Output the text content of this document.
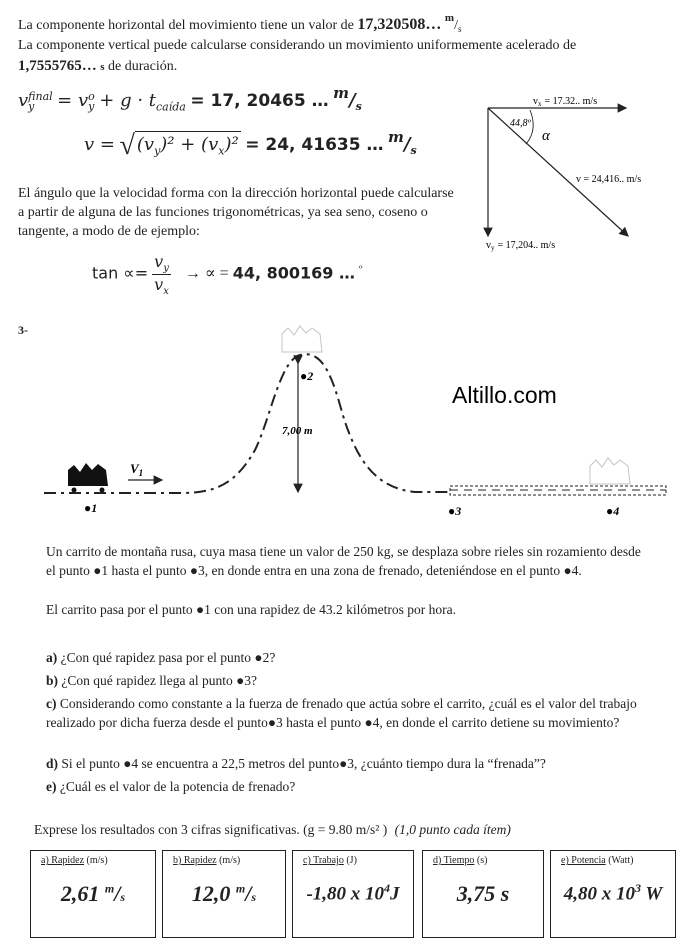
La componente horizontal del movimiento tiene un valor de 17,320508… $^m/_s$
La componente vertical puede calcularse considerando un movimiento uniformemente acelerado de
1,7555765… s de duración.
v final
y	= v o
$y + g \cdot t_{caída} = 17$, 20465 … $^m/_s$
v = √ $(v_y)^2 + (v_x)^2 = 24$, 41635 … $^m/_s$
El ángulo que la velocidad forma con la dirección horizontal puede calcularse a partir de alguna de las funciones trigonométricas, ya sea seno, coseno o tangente, a modo de de ejemplo:
$\tan \propto= \frac{v_y}{v_x}$ → ∝ = 44, 800169 … $^º$
$v_x = 17.32$.. m/s
44,8º
α
v = 24,416.. m/s
$v_y = 17,204$.. m/s
3-
$V_1$
7,00 m
●1
●2
●3	●4
Altillo.com
Un carrito de montaña rusa, cuya masa tiene un valor de 250 kg, se desplaza sobre rieles sin rozamiento desde el punto ●1 hasta el punto ●3, en donde entra en una zona de frenado, deteniéndose en el punto ●4.
El carrito pasa por el punto ●1 con una rapidez de 43.2 kilómetros por hora.
a) ¿Con qué rapidez pasa por el punto ●2?
b) ¿Con qué rapidez llega al punto ●3?
c) Considerando como constante a la fuerza de frenado que actúa sobre el carrito, ¿cuál es el valor del trabajo realizado por dicha fuerza desde el punto●3 hasta el punto ●4, en donde el carrito detiene su movimiento?
d) Si el punto ●4 se encuentra a 22,5 metros del punto●3, ¿cuánto tiempo dura la “frenada”?
e) ¿Cuál es el valor de la potencia de frenado?
Exprese los resultados con 3 cifras significativas. (g = 9.80 m/s² ) (1,0 punto cada ítem)
a) Rapidez (m/s)
2,61 $^m$/s
b) Rapidez (m/s)
12,0 $^m$/s
c) Trabajo (J)
-1,80 x $10^4J$
d) Tiempo (s)
3,75 s
e) Potencia (Watt)
4,80 x $10^3$ W
